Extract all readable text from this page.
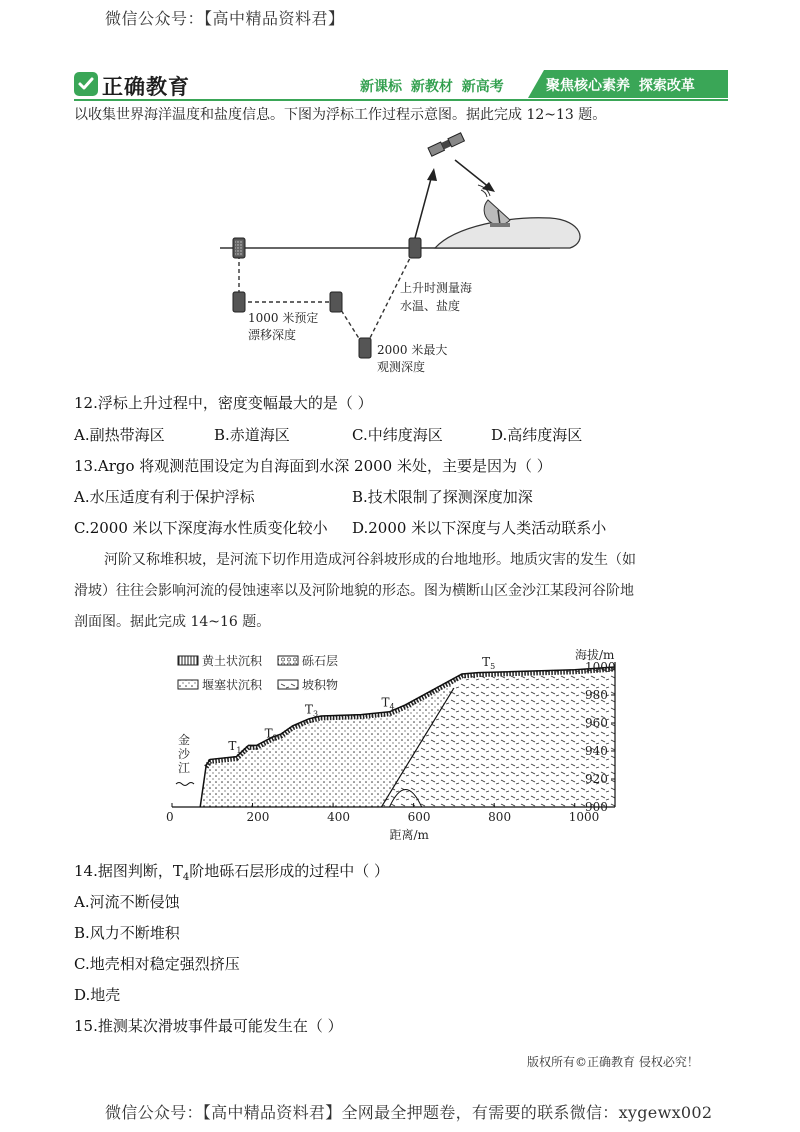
微信公众号：【高中精品资料君】
正确教育	新课标 新教材 新高考	聚焦核心素养 探索改革
以收集世界海洋温度和盐度信息。下图为浮标工作过程示意图。据此完成 12~13 题。
上升时测量海
水温、盐度
1000 米预定
漂移深度
2000 米最大
观测深度
12.浮标上升过程中，密度变幅最大的是（ ）
A.副热带海区	B.赤道海区	C.中纬度海区	D.高纬度海区
13.Argo 将观测范围设定为自海面到水深 2000 米处，主要是因为（ ）
A.水压适度有利于保护浮标	B.技术限制了探测深度加深
C.2000 米以下深度海水性质变化较小 D.2000 米以下深度与人类活动联系小
河阶又称堆积坡，是河流下切作用造成河谷斜坡形成的台地地形。地质灾害的发生（如
滑坡）往往会影响河流的侵蚀速率以及河阶地貌的形态。图为横断山区金沙江某段河谷阶地
剖面图。据此完成 14~16 题。
黄土状沉积	砾石层
堰塞状沉积	坡积物
$T_1$
$T_2$
$T_3$
$T_4$
$T_5$
金
沙
江
0	200	400	600	800	1000
1000
980
960
940
920
900
海拔/m
距离/m
14.据图判断，$T_4$阶地砾石层形成的过程中（ ）
A.河流不断侵蚀
B.风力不断堆积
C.地壳相对稳定强烈挤压
D.地壳
15.推测某次滑坡事件最可能发生在（ ）
版权所有©正确教育 侵权必究！
微信公众号：【高中精品资料君】全网最全押题卷，有需要的联系微信：xygewx002
